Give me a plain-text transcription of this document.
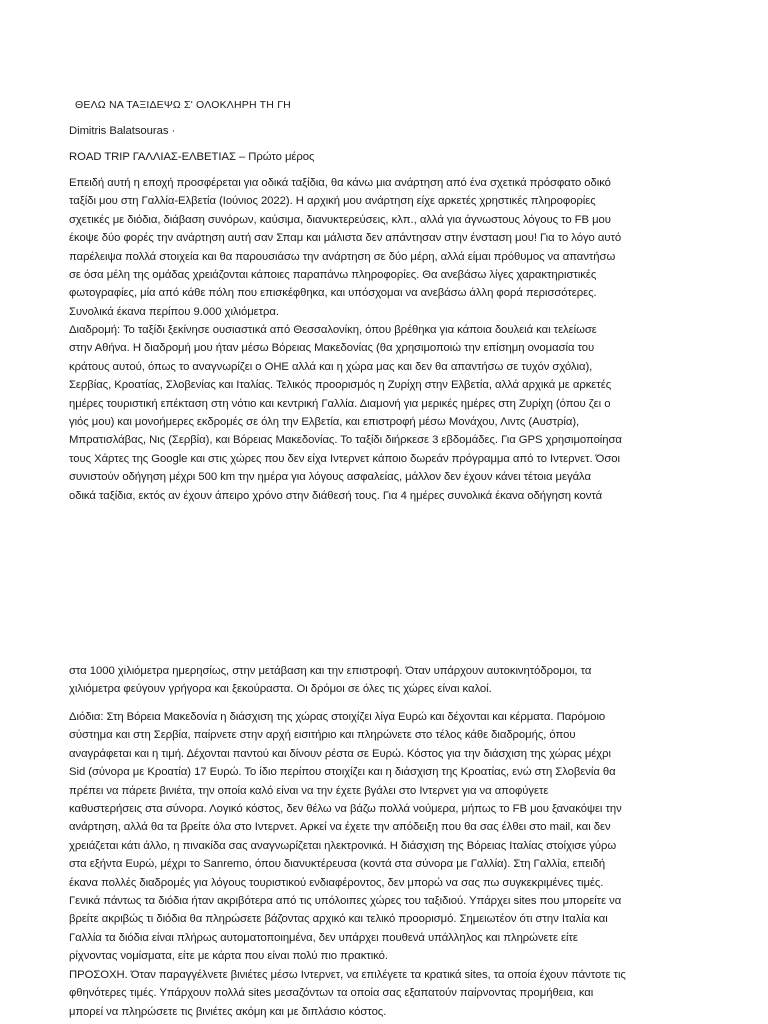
ΘΕΛΩ ΝΑ ΤΑΞΙΔΕΨΩ Σ' ΟΛΟΚΛΗΡΗ ΤΗ ΓΗ

Dimitris Balatsouras ·

ROAD TRIP ΓΑΛΛΙΑΣ-ΕΛΒΕΤΙΑΣ – Πρώτο μέρος

Επειδή αυτή η εποχή προσφέρεται για οδικά ταξίδια, θα κάνω μια ανάρτηση από ένα σχετικά πρόσφατο οδικό
ταξίδι μου στη Γαλλία-Ελβετία (Ιούνιος 2022). Η αρχική μου ανάρτηση είχε αρκετές χρηστικές πληροφορίες
σχετικές με διόδια, διάβαση συνόρων, καύσιμα, διανυκτερεύσεις, κλπ., αλλά για άγνωστους λόγους το FB μου
έκοψε δύο φορές την ανάρτηση αυτή σαν Σπαμ και μάλιστα δεν απάντησαν στην ένσταση μου! Για το λόγο αυτό
παρέλειψα πολλά στοιχεία και θα παρουσιάσω την ανάρτηση σε δύο μέρη, αλλά είμαι πρόθυμος να απαντήσω
σε όσα μέλη της ομάδας χρειάζονται κάποιες παραπάνω πληροφορίες. Θα ανεβάσω λίγες χαρακτηριστικές
φωτογραφίες, μία από κάθε πόλη που επισκέφθηκα, και υπόσχομαι να ανεβάσω άλλη φορά περισσότερες.
Συνολικά έκανα περίπου 9.000 χιλιόμετρα.

Διαδρομή: Το ταξίδι ξεκίνησε ουσιαστικά από Θεσσαλονίκη, όπου βρέθηκα για κάποια δουλειά και τελείωσε
στην Αθήνα. Η διαδρομή μου ήταν μέσω Βόρειας Μακεδονίας (θα χρησιμοποιώ την επίσημη ονομασία του
κράτους αυτού, όπως το αναγνωρίζει ο ΟΗΕ αλλά και η χώρα μας και δεν θα απαντήσω σε τυχόν σχόλια),
Σερβίας, Κροατίας, Σλοβενίας και Ιταλίας. Τελικός προορισμός η Ζυρίχη στην Ελβετία, αλλά αρχικά με αρκετές
ημέρες τουριστική επέκταση στη νότιο και κεντρική Γαλλία. Διαμονή για μερικές ημέρες στη Ζυρίχη (όπου ζει ο
γιός μου) και μονοήμερες εκδρομές σε όλη την Ελβετία, και επιστροφή μέσω Μονάχου, Λιντς (Αυστρία),
Μπρατισλάβας, Νις (Σερβία), και Βόρειας Μακεδονίας. Το ταξίδι διήρκεσε 3 εβδομάδες. Για GPS χρησιμοποίησα
τους Χάρτες της Google και στις χώρες που δεν είχα Ιντερνετ κάποιο δωρεάν πρόγραμμα από το Ιντερνετ. Όσοι
συνιστούν οδήγηση μέχρι 500 km την ημέρα για λόγους ασφαλείας, μάλλον δεν έχουν κάνει τέτοια μεγάλα
οδικά ταξίδια, εκτός αν έχουν άπειρο χρόνο στην διάθεσή τους. Για 4 ημέρες συνολικά έκανα οδήγηση κοντά

στα 1000 χιλιόμετρα ημερησίως, στην μετάβαση και την επιστροφή. Όταν υπάρχουν αυτοκινητόδρομοι, τα
χιλιόμετρα φεύγουν γρήγορα και ξεκούραστα. Οι δρόμοι σε όλες τις χώρες είναι καλοί.

Διόδια: Στη Βόρεια Μακεδονία η διάσχιση της χώρας στοιχίζει λίγα Ευρώ και δέχονται και κέρματα. Παρόμοιο
σύστημα και στη Σερβία, παίρνετε στην αρχή εισιτήριο και πληρώνετε στο τέλος κάθε διαδρομής, όπου
αναγράφεται και η τιμή. Δέχονται παντού και δίνουν ρέστα σε Ευρώ. Κόστος για την διάσχιση της χώρας μέχρι
Sid (σύνορα με Κροατία) 17 Ευρώ. Το ίδιο περίπου στοιχίζει και η διάσχιση της Κροατίας, ενώ στη Σλοβενία θα
πρέπει να πάρετε βινιέτα, την οποία καλό είναι να την έχετε βγάλει στο Ιντερνετ για να αποφύγετε
καθυστερήσεις στα σύνορα. Λογικό κόστος, δεν θέλω να βάζω πολλά νούμερα, μήπως το FB μου ξανακόψει την
ανάρτηση, αλλά θα τα βρείτε όλα στο Ιντερνετ. Αρκεί να έχετε την απόδειξη που θα σας έλθει στο mail, και δεν
χρειάζεται κάτι άλλο, η πινακίδα σας αναγνωρίζεται ηλεκτρονικά. Η διάσχιση της Βόρειας Ιταλίας στοίχισε γύρω
στα εξήντα Ευρώ, μέχρι το Sanremo, όπου διανυκτέρευσα (κοντά στα σύνορα με Γαλλία). Στη Γαλλία, επειδή
έκανα πολλές διαδρομές για λόγους τουριστικού ενδιαφέροντος, δεν μπορώ να σας πω συγκεκριμένες τιμές.
Γενικά πάντως τα διόδια ήταν ακριβότερα από τις υπόλοιπες χώρες του ταξιδιού. Υπάρχει sites που μπορείτε να
βρείτε ακριβώς τι διόδια θα πληρώσετε βάζοντας αρχικό και τελικό προορισμό. Σημειωτέον ότι στην Ιταλία και
Γαλλία τα διόδια είναι πλήρως αυτοματοποιημένα, δεν υπάρχει πουθενά υπάλληλος και πληρώνετε είτε
ρίχνοντας νομίσματα, είτε με κάρτα που είναι πολύ πιο πρακτικό.

ΠΡΟΣΟΧΗ. Όταν παραγγέλνετε βινιέτες μέσω Ιντερνετ, να επιλέγετε τα κρατικά sites, τα οποία έχουν πάντοτε τις
φθηνότερες τιμές. Υπάρχουν πολλά sites μεσαζόντων τα οποία σας εξαπατούν παίρνοντας προμήθεια, και
μπορεί να πληρώσετε τις βινιέτες ακόμη και με διπλάσιο κόστος.
